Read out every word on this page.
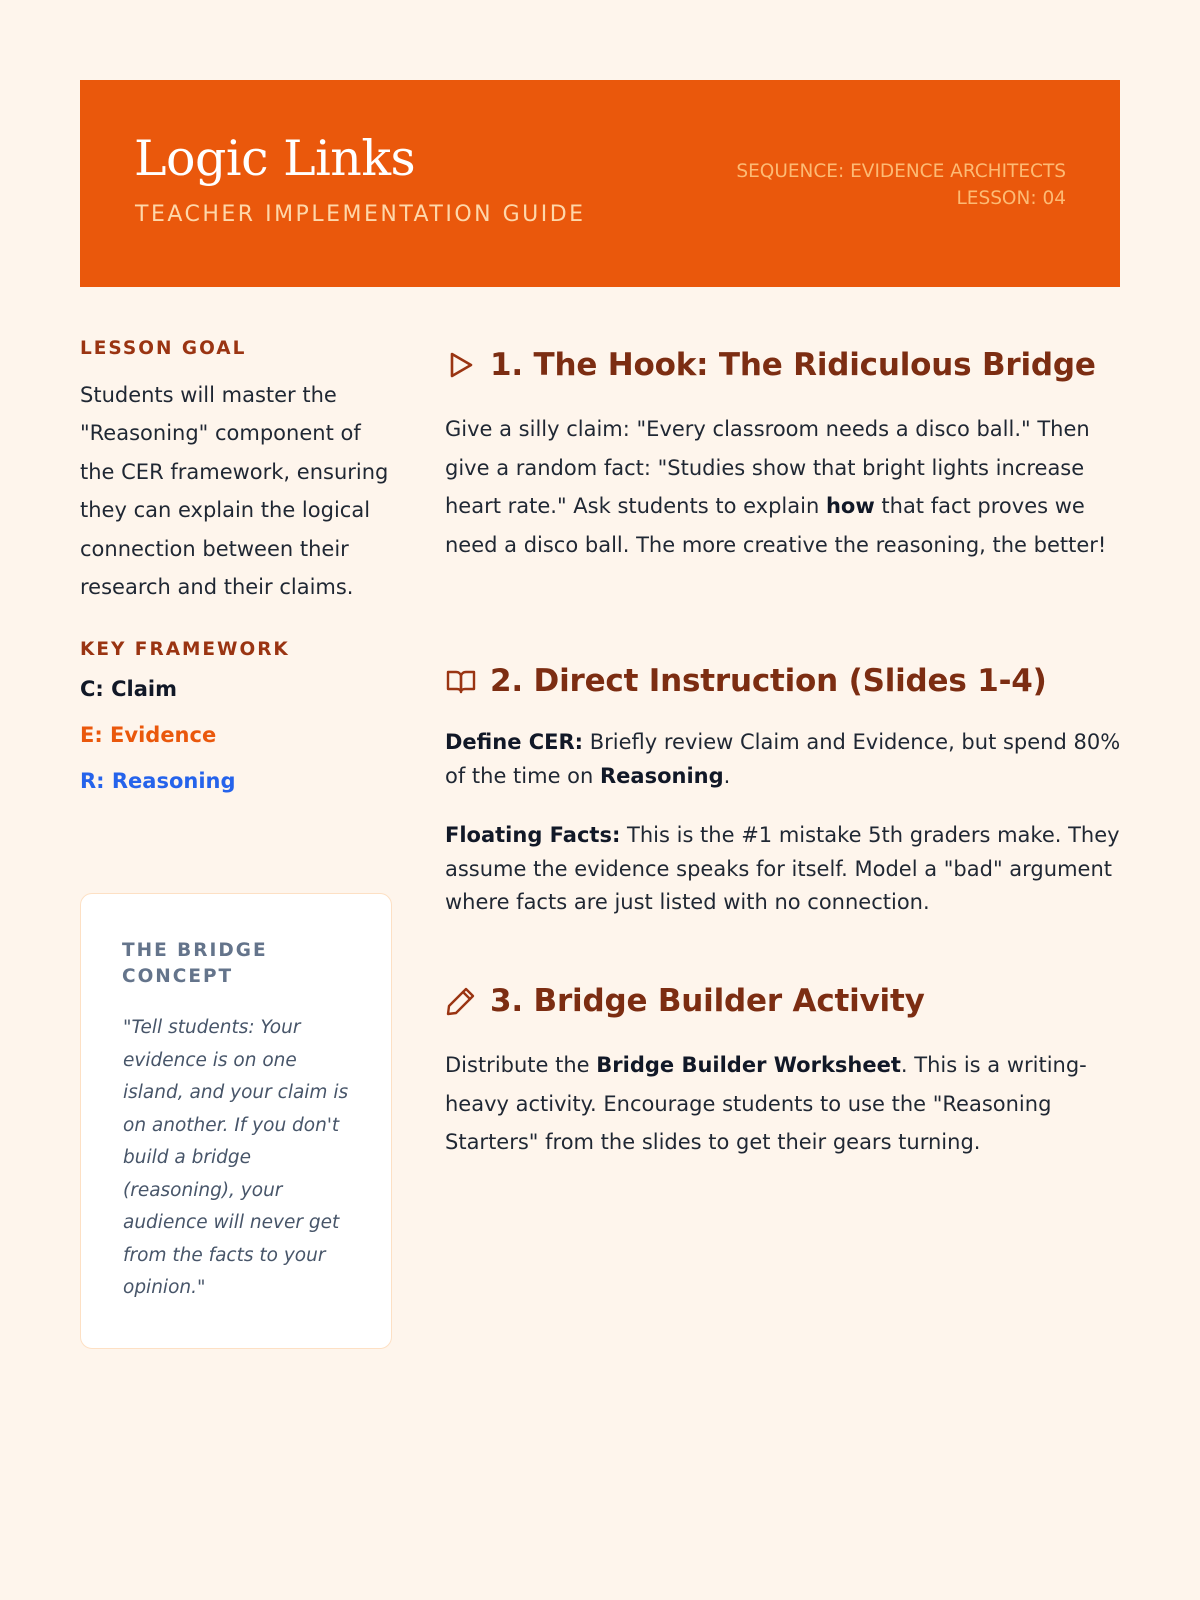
Logic Links
TEACHER IMPLEMENTATION GUIDE
SEQUENCE: EVIDENCE ARCHITECTS
LESSON: 04
LESSON GOAL
Students will master the "Reasoning" component of the CER framework, ensuring they can explain the logical connection between their research and their claims.
KEY FRAMEWORK
C: Claim
E: Evidence
R: Reasoning
THE BRIDGE CONCEPT
"Tell students: Your evidence is on one island, and your claim is on another. If you don't build a bridge (reasoning), your audience will never get from the facts to your opinion."
1. The Hook: The Ridiculous Bridge
Give a silly claim: "Every classroom needs a disco ball." Then give a random fact: "Studies show that bright lights increase heart rate." Ask students to explain how that fact proves we need a disco ball. The more creative the reasoning, the better!
2. Direct Instruction (Slides 1-4)
Define CER: Briefly review Claim and Evidence, but spend 80% of the time on Reasoning.
Floating Facts: This is the #1 mistake 5th graders make. They assume the evidence speaks for itself. Model a "bad" argument where facts are just listed with no connection.
3. Bridge Builder Activity
Distribute the Bridge Builder Worksheet. This is a writing-heavy activity. Encourage students to use the "Reasoning Starters" from the slides to get their gears turning.
